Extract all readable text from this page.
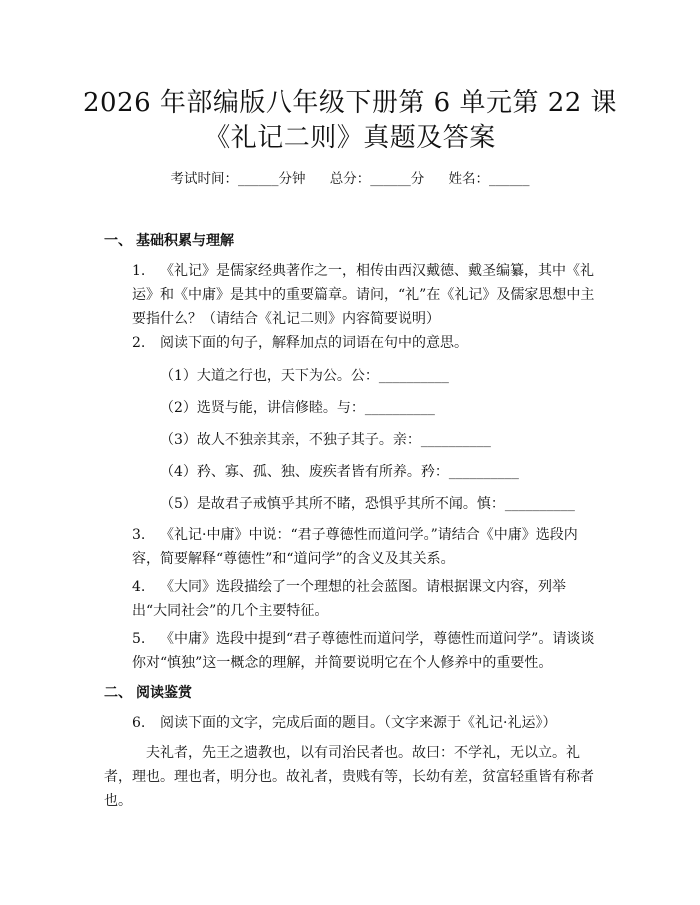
2026 年部编版八年级下册第 6 单元第 22 课
《礼记二则》真题及答案
考试时间：______分钟 总分：______分 姓名：______
一、 基础积累与理解
1. 《礼记》是儒家经典著作之一，相传由西汉戴德、戴圣编纂，其中《礼运》和《中庸》是其中的重要篇章。请问，“礼”在《礼记》及儒家思想中主要指什么？（请结合《礼记二则》内容简要说明）
2. 阅读下面的句子，解释加点的词语在句中的意思。
（1）大道之行也，天下为公。公：__________
（2）选贤与能，讲信修睦。与：__________
（3）故人不独亲其亲，不独子其子。亲：__________
（4）矜、寡、孤、独、废疾者皆有所养。矜：__________
（5）是故君子戒慎乎其所不睹，恐惧乎其所不闻。慎：__________
3. 《礼记·中庸》中说：“君子尊德性而道问学。”请结合《中庸》选段内容，简要解释“尊德性”和“道问学”的含义及其关系。
4. 《大同》选段描绘了一个理想的社会蓝图。请根据课文内容，列举出“大同社会”的几个主要特征。
5. 《中庸》选段中提到“君子尊德性而道问学，尊德性而道问学”。请谈谈你对“慎独”这一概念的理解，并简要说明它在个人修养中的重要性。
二、 阅读鉴赏
6. 阅读下面的文字，完成后面的题目。（文字来源于《礼记·礼运》）

夫礼者，先王之遗教也，以有司治民者也。故曰：不学礼，无以立。礼者，理也。理也者，明分也。故礼者，贵贱有等，长幼有差，贫富轻重皆有称者也。
